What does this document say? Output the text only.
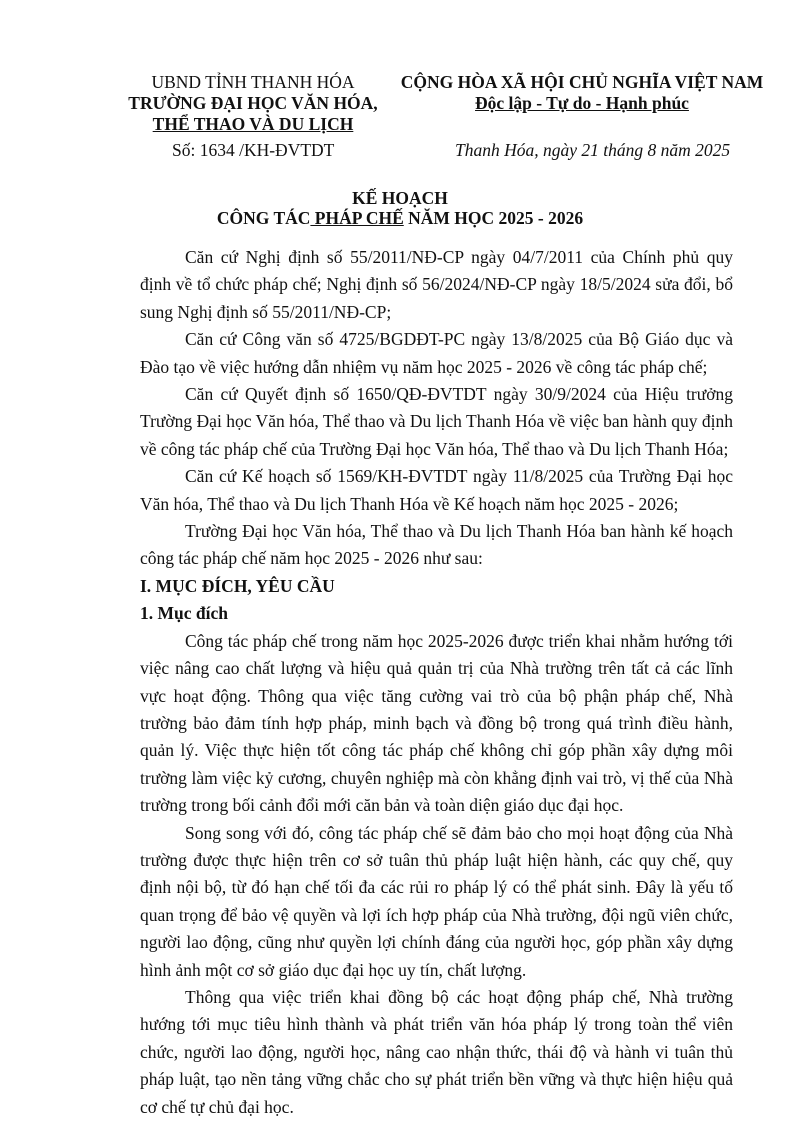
UBND TỈNH THANH HÓA
TRƯỜNG ĐẠI HỌC VĂN HÓA,
THỂ THAO VÀ DU LỊCH
CỘNG HÒA XÃ HỘI CHỦ NGHĨA VIỆT NAM
Độc lập - Tự do - Hạnh phúc
Số: 1634 /KH-ĐVTDT	Thanh Hóa, ngày 21 tháng 8 năm 2025
KẾ HOẠCH
CÔNG TÁC PHÁP CHẾ NĂM HỌC 2025 - 2026

Căn cứ Nghị định số 55/2011/NĐ-CP ngày 04/7/2011 của Chính phủ quy định về tổ chức pháp chế; Nghị định số 56/2024/NĐ-CP ngày 18/5/2024 sửa đổi, bổ sung Nghị định số 55/2011/NĐ-CP;

Căn cứ Công văn số 4725/BGDĐT-PC ngày 13/8/2025 của Bộ Giáo dục và Đào tạo về việc hướng dẫn nhiệm vụ năm học 2025 - 2026 về công tác pháp chế;

Căn cứ Quyết định số 1650/QĐ-ĐVTDT ngày 30/9/2024 của Hiệu trưởng Trường Đại học Văn hóa, Thể thao và Du lịch Thanh Hóa về việc ban hành quy định về công tác pháp chế của Trường Đại học Văn hóa, Thể thao và Du lịch Thanh Hóa;

Căn cứ Kế hoạch số 1569/KH-ĐVTDT ngày 11/8/2025 của Trường Đại học Văn hóa, Thể thao và Du lịch Thanh Hóa về Kế hoạch năm học 2025 - 2026;

Trường Đại học Văn hóa, Thể thao và Du lịch Thanh Hóa ban hành kế hoạch công tác pháp chế năm học 2025 - 2026 như sau:

I. MỤC ĐÍCH, YÊU CẦU

1. Mục đích

Công tác pháp chế trong năm học 2025-2026 được triển khai nhằm hướng tới việc nâng cao chất lượng và hiệu quả quản trị của Nhà trường trên tất cả các lĩnh vực hoạt động. Thông qua việc tăng cường vai trò của bộ phận pháp chế, Nhà trường bảo đảm tính hợp pháp, minh bạch và đồng bộ trong quá trình điều hành, quản lý. Việc thực hiện tốt công tác pháp chế không chỉ góp phần xây dựng môi trường làm việc kỷ cương, chuyên nghiệp mà còn khẳng định vai trò, vị thế của Nhà trường trong bối cảnh đổi mới căn bản và toàn diện giáo dục đại học.

Song song với đó, công tác pháp chế sẽ đảm bảo cho mọi hoạt động của Nhà trường được thực hiện trên cơ sở tuân thủ pháp luật hiện hành, các quy chế, quy định nội bộ, từ đó hạn chế tối đa các rủi ro pháp lý có thể phát sinh. Đây là yếu tố quan trọng để bảo vệ quyền và lợi ích hợp pháp của Nhà trường, đội ngũ viên chức, người lao động, cũng như quyền lợi chính đáng của người học, góp phần xây dựng hình ảnh một cơ sở giáo dục đại học uy tín, chất lượng.

Thông qua việc triển khai đồng bộ các hoạt động pháp chế, Nhà trường hướng tới mục tiêu hình thành và phát triển văn hóa pháp lý trong toàn thể viên chức, người lao động, người học, nâng cao nhận thức, thái độ và hành vi tuân thủ pháp luật, tạo nền tảng vững chắc cho sự phát triển bền vững và thực hiện hiệu quả cơ chế tự chủ đại học.
